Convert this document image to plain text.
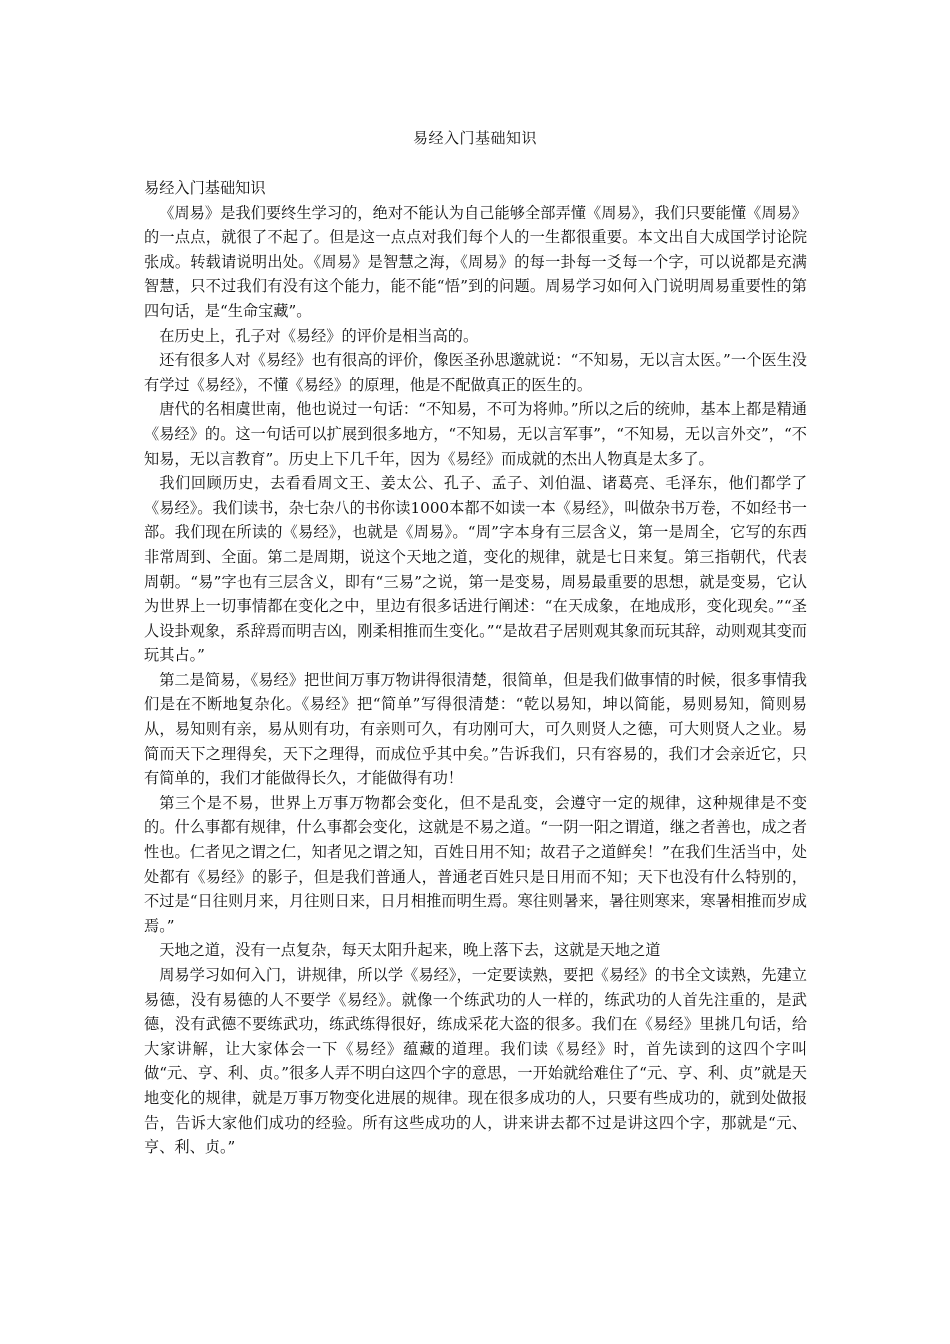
易经入门基础知识

易经入门基础知识

《周易》是我们要终生学习的，绝对不能认为自己能够全部弄懂《周易》，我们只要能懂《周易》的一点点，就很了不起了。但是这一点点对我们每个人的一生都很重要。本文出自大成国学讨论院张成。转载请说明出处。《周易》是智慧之海，《周易》的每一卦每一爻每一个字，可以说都是充满智慧，只不过我们有没有这个能力，能不能“悟”到的问题。周易学习如何入门说明周易重要性的第四句话，是“生命宝藏”。

在历史上，孔子对《易经》的评价是相当高的。

还有很多人对《易经》也有很高的评价，像医圣孙思邈就说：“不知易，无以言太医。”一个医生没有学过《易经》，不懂《易经》的原理，他是不配做真正的医生的。

唐代的名相虞世南，他也说过一句话：“不知易，不可为将帅。”所以之后的统帅，基本上都是精通《易经》的。这一句话可以扩展到很多地方，“不知易，无以言军事”，“不知易，无以言外交”，“不知易，无以言教育”。历史上下几千年，因为《易经》而成就的杰出人物真是太多了。

我们回顾历史，去看看周文王、姜太公、孔子、孟子、刘伯温、诸葛亮、毛泽东，他们都学了《易经》。我们读书，杂七杂八的书你读1000本都不如读一本《易经》，叫做杂书万卷，不如经书一部。我们现在所读的《易经》，也就是《周易》。“周”字本身有三层含义，第一是周全，它写的东西非常周到、全面。第二是周期，说这个天地之道，变化的规律，就是七日来复。第三指朝代，代表周朝。“易”字也有三层含义，即有“三易”之说，第一是变易，周易最重要的思想，就是变易，它认为世界上一切事情都在变化之中，里边有很多话进行阐述：“在天成象，在地成形，变化现矣。”“圣人设卦观象，系辞焉而明吉凶，刚柔相推而生变化。”“是故君子居则观其象而玩其辞，动则观其变而玩其占。”

第二是简易，《易经》把世间万事万物讲得很清楚，很简单，但是我们做事情的时候，很多事情我们是在不断地复杂化。《易经》把“简单”写得很清楚：“乾以易知，坤以简能，易则易知，简则易从，易知则有亲，易从则有功，有亲则可久，有功刚可大，可久则贤人之德，可大则贤人之业。易简而天下之理得矣，天下之理得，而成位乎其中矣。”告诉我们，只有容易的，我们才会亲近它，只有简单的，我们才能做得长久，才能做得有功！

第三个是不易，世界上万事万物都会变化，但不是乱变，会遵守一定的规律，这种规律是不变的。什么事都有规律，什么事都会变化，这就是不易之道。“一阴一阳之谓道，继之者善也，成之者性也。仁者见之谓之仁，知者见之谓之知，百姓日用不知；故君子之道鲜矣！”在我们生活当中，处处都有《易经》的影子，但是我们普通人，普通老百姓只是日用而不知；天下也没有什么特别的，不过是“日往则月来，月往则日来，日月相推而明生焉。寒往则暑来，暑往则寒来，寒暑相推而岁成焉。”

天地之道，没有一点复杂，每天太阳升起来，晚上落下去，这就是天地之道

周易学习如何入门，讲规律，所以学《易经》，一定要读熟，要把《易经》的书全文读熟，先建立易德，没有易德的人不要学《易经》。就像一个练武功的人一样的，练武功的人首先注重的，是武德，没有武德不要练武功，练武练得很好，练成采花大盗的很多。我们在《易经》里挑几句话，给大家讲解，让大家体会一下《易经》蕴藏的道理。我们读《易经》时，首先读到的这四个字叫做“元、亨、利、贞。”很多人弄不明白这四个字的意思，一开始就给难住了“元、亨、利、贞”就是天地变化的规律，就是万事万物变化进展的规律。现在很多成功的人，只要有些成功的，就到处做报告，告诉大家他们成功的经验。所有这些成功的人，讲来讲去都不过是讲这四个字，那就是“元、亨、利、贞。”
